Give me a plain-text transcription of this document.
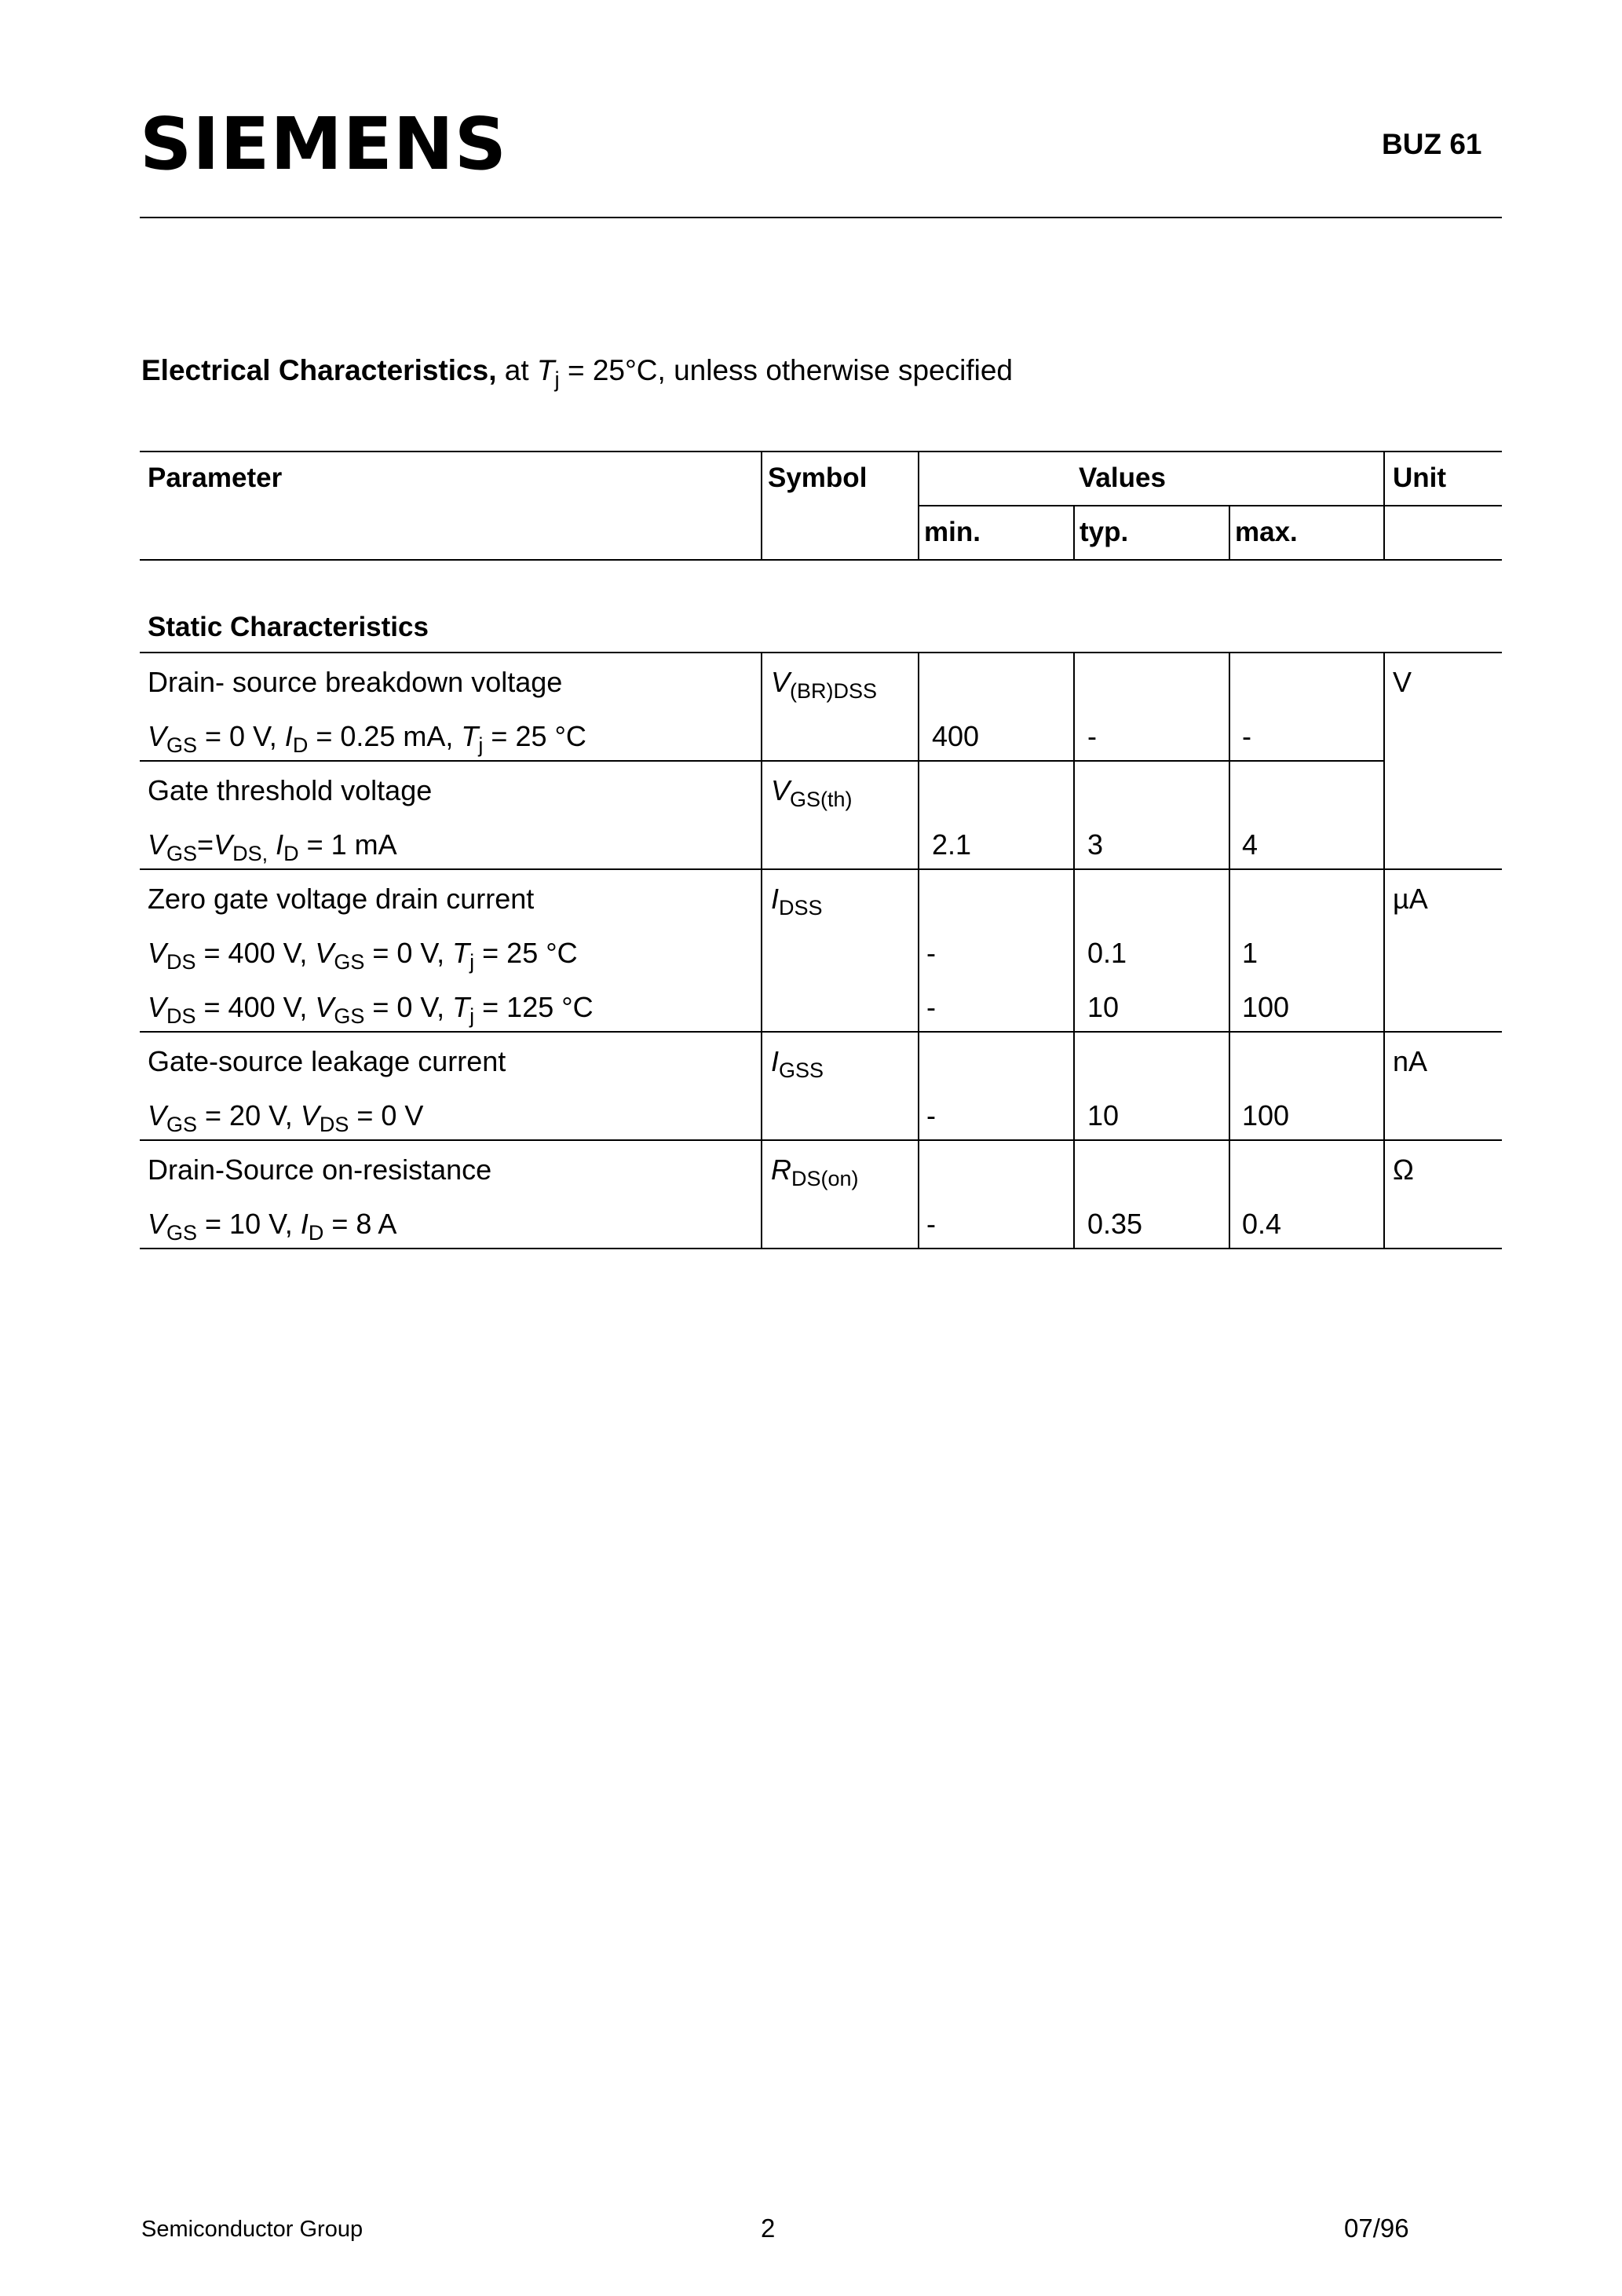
SIEMENS	BUZ 61
Electrical Characteristics, at $T_j = 25^\circ C$, unless otherwise specified
Parameter	Symbol	Values	Unit
min.	typ.	max.
Static Characteristics
Drain- source breakdown voltage	$V_{(BR)DSS}$	V
$V_{GS} = 0$ V, $I_D = 0.25$ mA, $T_j = 25$ °C	400	-	-
Gate threshold voltage	$V_{GS(th)}$
$V_{GS}=V_{DS,}$ $I_D = 1$ mA	2.1	3	4
Zero gate voltage drain current	$I_{DSS}$	µA
$V_{DS} = 400$ V, $V_{GS} = 0$ V, $T_j = 25$ °C	-	0.1	1
$V_{DS} = 400$ V, $V_{GS} = 0$ V, $T_j = 125$ °C	-	10	100
Gate-source leakage current	$I_{GSS}$	nA
$V_{GS} = 20$ V, $V_{DS} = 0$ V	-	10	100
Drain-Source on-resistance	$R_{DS(on)}$	Ω
$V_{GS} = 10$ V, $I_D = 8$ A	-	0.35	0.4
Semiconductor Group	2	07/96
